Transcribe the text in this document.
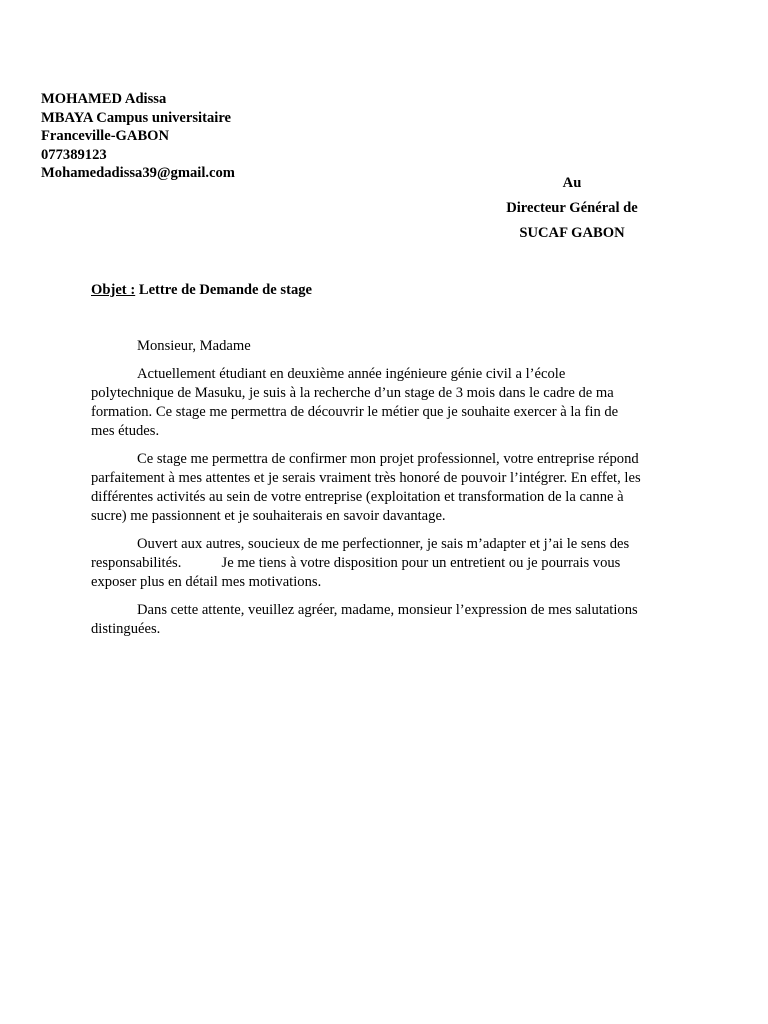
MOHAMED Adissa
MBAYA Campus universitaire
Franceville-GABON
077389123
Mohamedadissa39@gmail.com
Au
Directeur Général de
SUCAF GABON
Objet : Lettre de Demande de stage
Monsieur, Madame
Actuellement étudiant en deuxième année ingénieure génie civil a l’école
polytechnique de Masuku, je suis à la recherche d’un stage de 3 mois dans le cadre de ma
formation. Ce stage me permettra de découvrir le métier que je souhaite exercer à la fin de
mes études.
Ce stage me permettra de confirmer mon projet professionnel, votre entreprise répond
parfaitement à mes attentes et je serais vraiment très honoré de pouvoir l’intégrer. En effet, les
différentes activités au sein de votre entreprise (exploitation et transformation de la canne à
sucre) me passionnent et je souhaiterais en savoir davantage.
Ouvert aux autres, soucieux de me perfectionner, je sais m’adapter et j’ai le sens des
responsabilités.           Je me tiens à votre disposition pour un entretient ou je pourrais vous
exposer plus en détail mes motivations.
Dans cette attente, veuillez agréer, madame, monsieur l’expression de mes salutations
distinguées.
